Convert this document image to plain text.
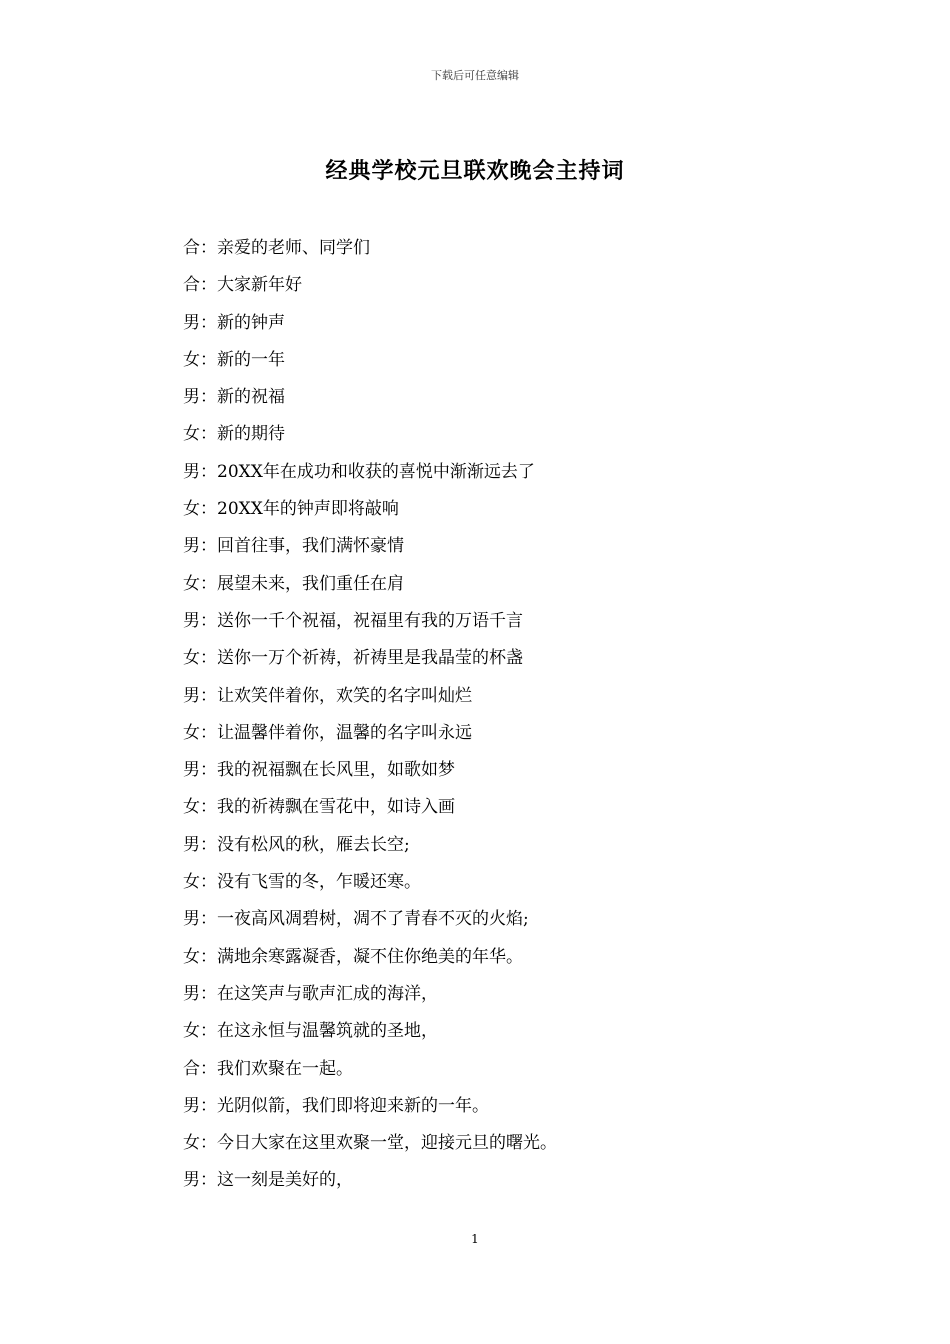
下载后可任意编辑
经典学校元旦联欢晚会主持词
合：亲爱的老师、同学们
合：大家新年好
男：新的钟声
女：新的一年
男：新的祝福
女：新的期待
男：20XX年在成功和收获的喜悦中渐渐远去了
女：20XX年的钟声即将敲响
男：回首往事，我们满怀豪情
女：展望未来，我们重任在肩
男：送你一千个祝福，祝福里有我的万语千言
女：送你一万个祈祷，祈祷里是我晶莹的杯盏
男：让欢笑伴着你，欢笑的名字叫灿烂
女：让温馨伴着你，温馨的名字叫永远
男：我的祝福飘在长风里，如歌如梦
女：我的祈祷飘在雪花中，如诗入画
男：没有松风的秋，雁去长空;
女：没有飞雪的冬，乍暖还寒。
男：一夜高风凋碧树，凋不了青春不灭的火焰;
女：满地余寒露凝香，凝不住你绝美的年华。
男：在这笑声与歌声汇成的海洋，
女：在这永恒与温馨筑就的圣地，
合：我们欢聚在一起。
男：光阴似箭，我们即将迎来新的一年。
女：今日大家在这里欢聚一堂，迎接元旦的曙光。
男：这一刻是美好的，
1
